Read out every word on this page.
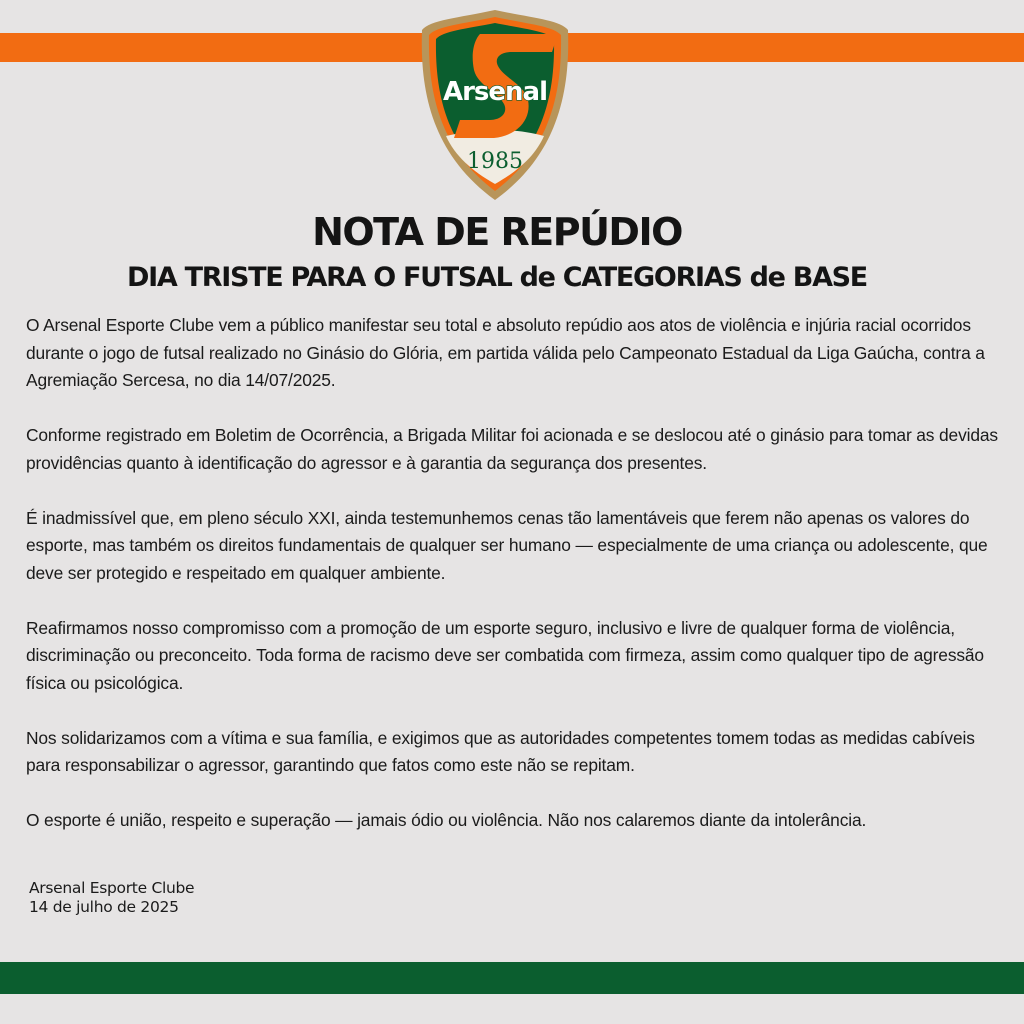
Arsenal
1985
NOTA DE REPÚDIO
DIA TRISTE PARA O FUTSAL de CATEGORIAS de BASE

O Arsenal Esporte Clube vem a público manifestar seu total e absoluto repúdio aos atos de violência e injúria racial ocorridos durante o jogo de futsal realizado no Ginásio do Glória, em partida válida pelo Campeonato Estadual da Liga Gaúcha, contra a Agremiação Sercesa, no dia 14/07/2025.

Conforme registrado em Boletim de Ocorrência, a Brigada Militar foi acionada e se deslocou até o ginásio para tomar as devidas providências quanto à identificação do agressor e à garantia da segurança dos presentes.

É inadmissível que, em pleno século XXI, ainda testemunhemos cenas tão lamentáveis que ferem não apenas os valores do esporte, mas também os direitos fundamentais de qualquer ser humano — especialmente de uma criança ou adolescente, que deve ser protegido e respeitado em qualquer ambiente.

Reafirmamos nosso compromisso com a promoção de um esporte seguro, inclusivo e livre de qualquer forma de violência, discriminação ou preconceito. Toda forma de racismo deve ser combatida com firmeza, assim como qualquer tipo de agressão física ou psicológica.

Nos solidarizamos com a vítima e sua família, e exigimos que as autoridades competentes tomem todas as medidas cabíveis para responsabilizar o agressor, garantindo que fatos como este não se repitam.

O esporte é união, respeito e superação — jamais ódio ou violência. Não nos calaremos diante da intolerância.

Arsenal Esporte Clube
14 de julho de 2025
